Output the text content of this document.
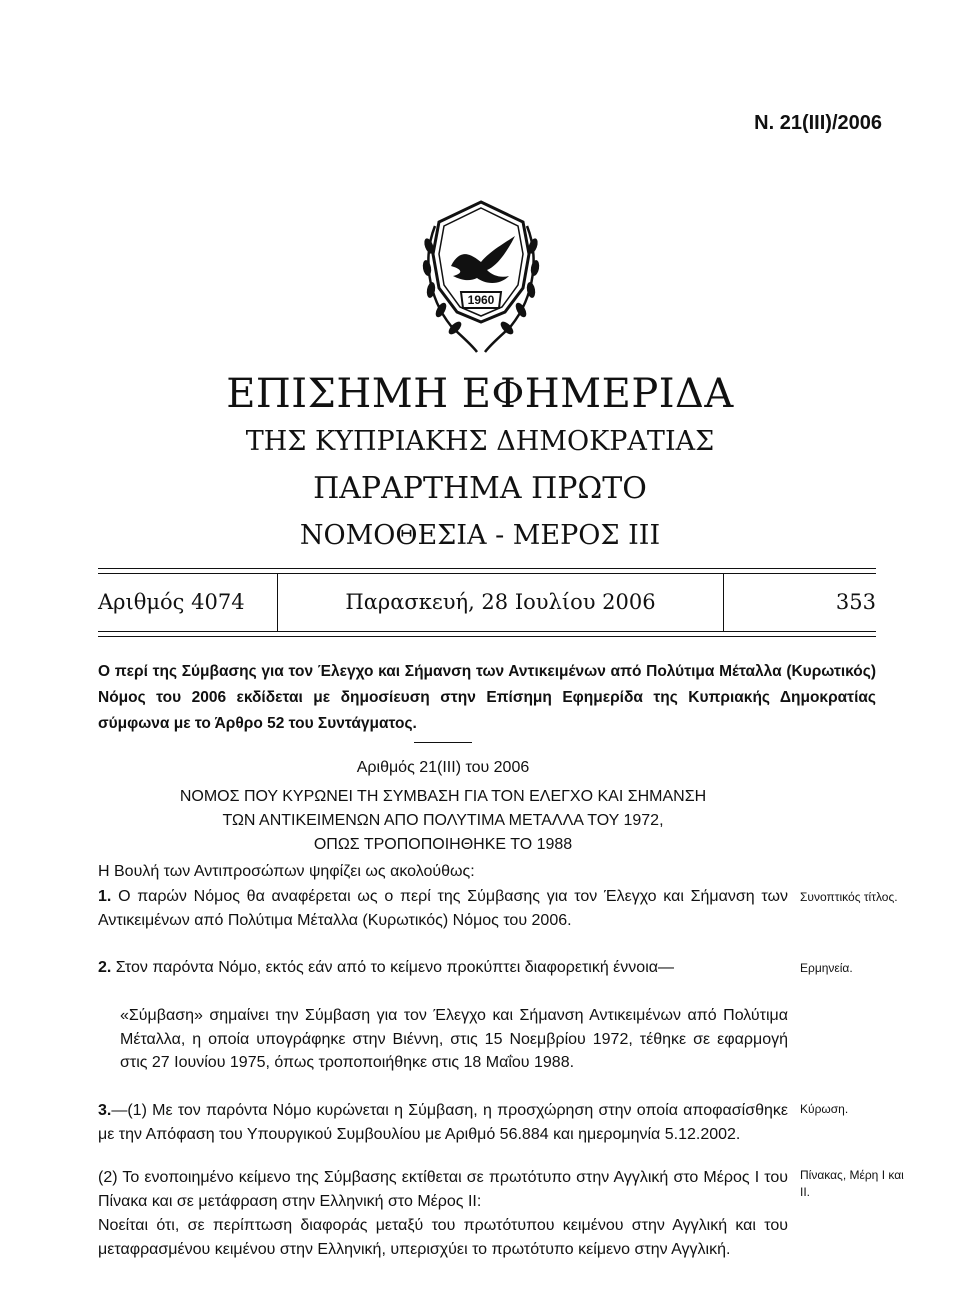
Ν. 21(III)/2006
1960
ΕΠΙΣΗΜΗ ΕΦΗΜΕΡΙΔΑ
ΤΗΣ ΚΥΠΡΙΑΚΗΣ ΔΗΜΟΚΡΑΤΙΑΣ
ΠΑΡΑΡΤΗΜΑ ΠΡΩΤΟ
ΝΟΜΟΘΕΣΙΑ - ΜΕΡΟΣ ΙΙΙ
Αριθμός 4074	Παρασκευή, 28 Ιουλίου 2006	353
Ο περί της Σύμβασης για τον Έλεγχο και Σήμανση των Αντικειμένων από Πολύτιμα Μέταλλα (Κυρωτικός) Νόμος του 2006 εκδίδεται με δημοσίευση στην Επίσημη Εφημερίδα της Κυπριακής Δημοκρατίας σύμφωνα με το Άρθρο 52 του Συντάγματος.
Αριθμός 21(ΙΙΙ) του 2006
ΝΟΜΟΣ ΠΟΥ ΚΥΡΩΝΕΙ ΤΗ ΣΥΜΒΑΣΗ ΓΙΑ ΤΟΝ ΕΛΕΓΧΟ ΚΑΙ ΣΗΜΑΝΣΗ
ΤΩΝ ΑΝΤΙΚΕΙΜΕΝΩΝ ΑΠΟ ΠΟΛΥΤΙΜΑ ΜΕΤΑΛΛΑ ΤΟΥ 1972,
ΟΠΩΣ ΤΡΟΠΟΠΟΙΗΘΗΚΕ ΤΟ 1988
Η Βουλή των Αντιπροσώπων ψηφίζει ως ακολούθως:
1. Ο παρών Νόμος θα αναφέρεται ως ο περί της Σύμβασης για τον Έλεγχο και Σήμανση των Αντικειμένων από Πολύτιμα Μέταλλα (Κυρωτικός) Νόμος του 2006.
2. Στον παρόντα Νόμο, εκτός εάν από το κείμενο προκύπτει διαφορετική έννοια—
«Σύμβαση» σημαίνει την Σύμβαση για τον Έλεγχο και Σήμανση Αντικειμένων από Πολύτιμα Μέταλλα, η οποία υπογράφηκε στην Βιέννη, στις 15 Νοεμβρίου 1972, τέθηκε σε εφαρμογή στις 27 Ιουνίου 1975, όπως τροποποιήθηκε στις 18 Μαΐου 1988.
3.—(1) Με τον παρόντα Νόμο κυρώνεται η Σύμβαση, η προσχώρηση στην οποία αποφασίσθηκε με την Απόφαση του Υπουργικού Συμβουλίου με Αριθμό 56.884 και ημερομηνία 5.12.2002.
(2) Το ενοποιημένο κείμενο της Σύμβασης εκτίθεται σε πρωτότυπο στην Αγγλική στο Μέρος Ι του Πίνακα και σε μετάφραση στην Ελληνική στο Μέρος ΙΙ:
Νοείται ότι, σε περίπτωση διαφοράς μεταξύ του πρωτότυπου κειμένου στην Αγγλική και του μεταφρασμένου κειμένου στην Ελληνική, υπερισχύει το πρωτότυπο κείμενο στην Αγγλική.
Συνοπτικός τίτλος.
Ερμηνεία.
Κύρωση.
Πίνακας, Μέρη Ι και ΙΙ.
